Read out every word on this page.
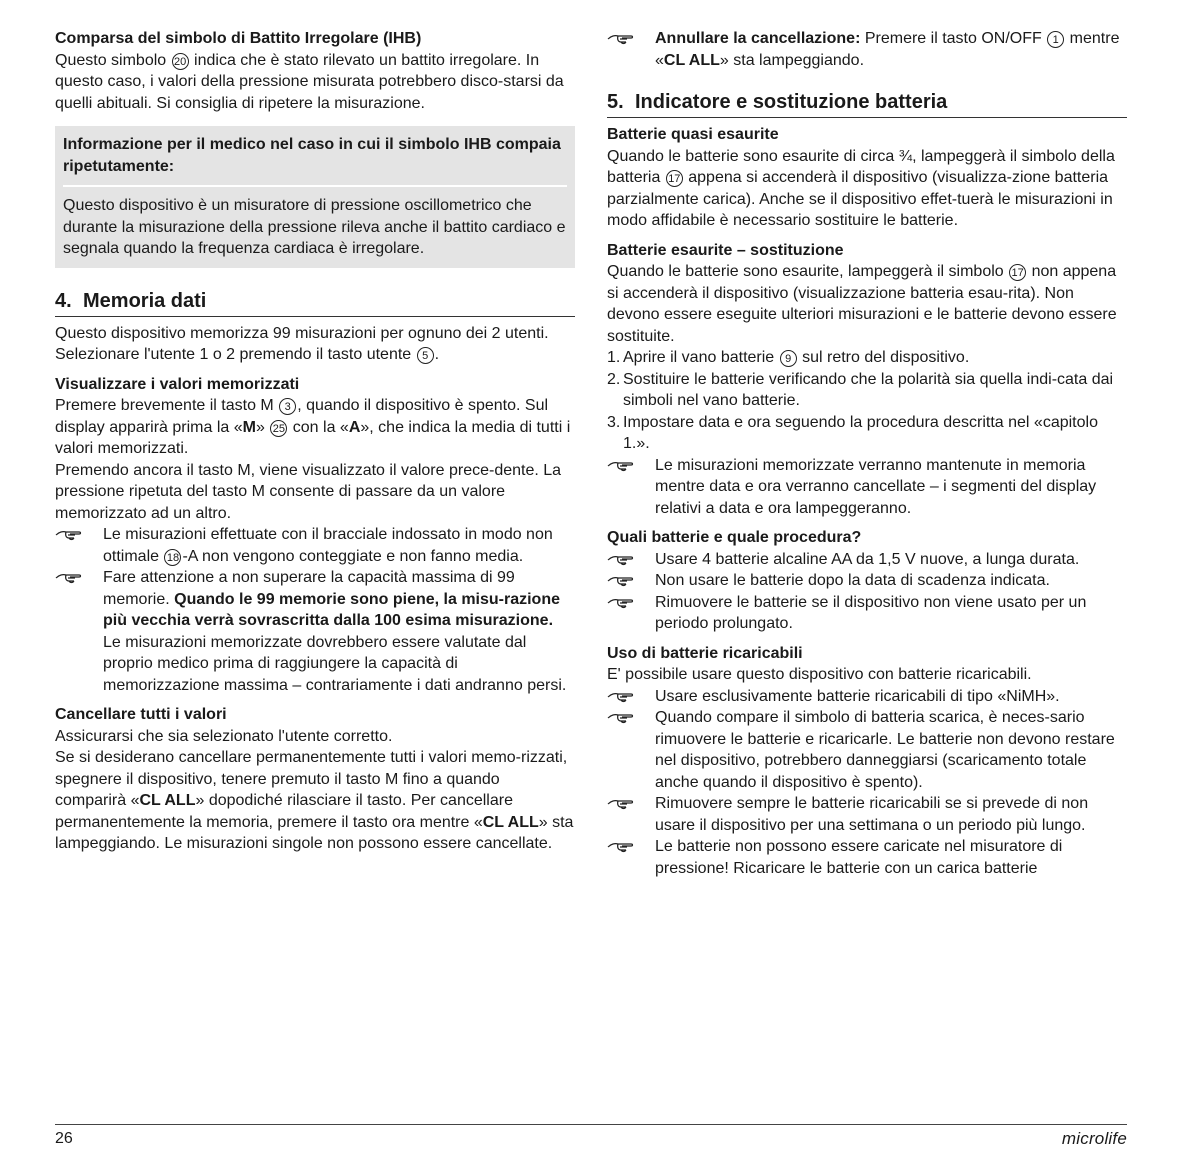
Comparsa del simbolo di Battito Irregolare (IHB)

Questo simbolo 20 indica che è stato rilevato un battito irregolare. In questo caso, i valori della pressione misurata potrebbero disco-starsi da quelli abituali. Si consiglia di ripetere la misurazione.

Informazione per il medico nel caso in cui il simbolo IHB compaia ripetutamente:
Questo dispositivo è un misuratore di pressione oscillometrico che durante la misurazione della pressione rileva anche il battito cardiaco e segnala quando la frequenza cardiaca è irregolare.
4. Memoria dati

Questo dispositivo memorizza 99 misurazioni per ognuno dei 2 utenti.

Selezionare l'utente 1 o 2 premendo il tasto utente 5 .

Visualizzare i valori memorizzati

Premere brevemente il tasto M 3 , quando il dispositivo è spento. Sul display apparirà prima la «M» 25 con la «A», che indica la media di tutti i valori memorizzati.

Premendo ancora il tasto M, viene visualizzato il valore prece-dente. La pressione ripetuta del tasto M consente di passare da un valore memorizzato ad un altro.

Le misurazioni effettuate con il bracciale indossato in modo non ottimale 18 -A non vengono conteggiate e non fanno media.
Fare attenzione a non superare la capacità massima di 99 memorie. Quando le 99 memorie sono piene, la misu-razione più vecchia verrà sovrascritta dalla 100 esima misurazione. Le misurazioni memorizzate dovrebbero essere valutate dal proprio medico prima di raggiungere la capacità di memorizzazione massima – contrariamente i dati andranno persi.

Cancellare tutti i valori

Assicurarsi che sia selezionato l'utente corretto.

Se si desiderano cancellare permanentemente tutti i valori memo-rizzati, spegnere il dispositivo, tenere premuto il tasto M fino a quando comparirà «CL ALL» dopodiché rilasciare il tasto. Per cancellare permanentemente la memoria, premere il tasto ora mentre «CL ALL» sta lampeggiando. Le misurazioni singole non possono essere cancellate.

Annullare la cancellazione: Premere il tasto ON/OFF 1 mentre «CL ALL» sta lampeggiando.
5. Indicatore e sostituzione batteria

Batterie quasi esaurite

Quando le batterie sono esaurite di circa ¾, lampeggerà il simbolo della batteria 17 appena si accenderà il dispositivo (visualizza-zione batteria parzialmente carica). Anche se il dispositivo effet-tuerà le misurazioni in modo affidabile è necessario sostituire le batterie.

Batterie esaurite – sostituzione

Quando le batterie sono esaurite, lampeggerà il simbolo 17 non appena si accenderà il dispositivo (visualizzazione batteria esau-rita). Non devono essere eseguite ulteriori misurazioni e le batterie devono essere sostituite.

1. Aprire il vano batterie 9 sul retro del dispositivo.
2. Sostituire le batterie verificando che la polarità sia quella indi-cata dai simboli nel vano batterie.
3. Impostare data e ora seguendo la procedura descritta nel «capitolo 1.».
Le misurazioni memorizzate verranno mantenute in memoria mentre data e ora verranno cancellate – i segmenti del display relativi a data e ora lampeggeranno.

Quali batterie e quale procedura?

Usare 4 batterie alcaline AA da 1,5 V nuove, a lunga durata.
Non usare le batterie dopo la data di scadenza indicata.
Rimuovere le batterie se il dispositivo non viene usato per un periodo prolungato.

Uso di batterie ricaricabili

E' possibile usare questo dispositivo con batterie ricaricabili.

Usare esclusivamente batterie ricaricabili di tipo «NiMH».
Quando compare il simbolo di batteria scarica, è neces-sario rimuovere le batterie e ricaricarle. Le batterie non devono restare nel dispositivo, potrebbero danneggiarsi (scaricamento totale anche quando il dispositivo è spento).
Rimuovere sempre le batterie ricaricabili se si prevede di non usare il dispositivo per una settimana o un periodo più lungo.
Le batterie non possono essere caricate nel misuratore di pressione! Ricaricare le batterie con un carica batterie
26	microlife
